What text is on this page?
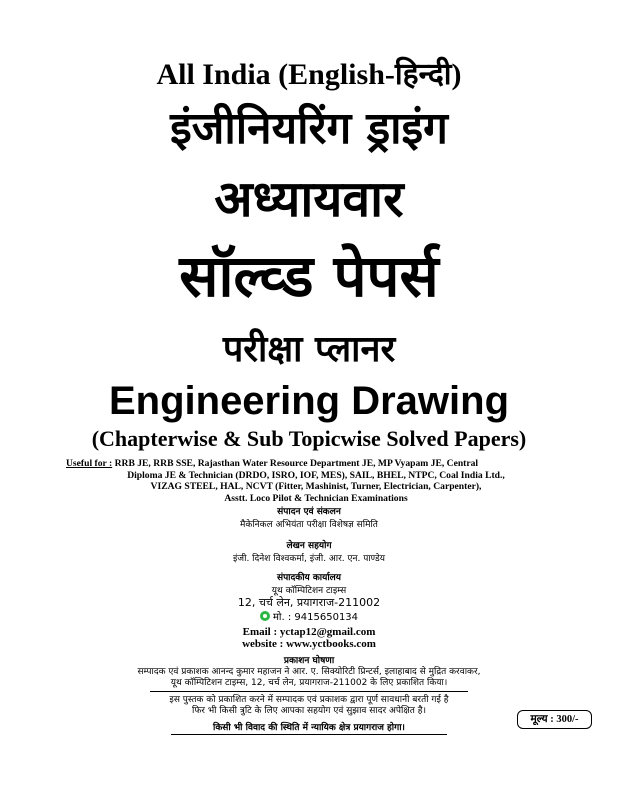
All India (English-हिन्दी)
इंजीनियरिंग ड्राइंग
अध्यायवार
सॉल्व्ड पेपर्स
परीक्षा प्लानर
Engineering Drawing
(Chapterwise & Sub Topicwise Solved Papers)
Useful for : RRB JE, RRB SSE, Rajasthan Water Resource Department JE, MP Vyapam JE, Central
Diploma JE & Technician (DRDO, ISRO, IOF, MES), SAIL, BHEL, NTPC, Coal India Ltd.,
VIZAG STEEL, HAL, NCVT (Fitter, Mashinist, Turner, Electrician, Carpenter),
Asstt. Loco Pilot & Technician Examinations
संपादन एवं संकलन
मैकेनिकल अभियंता परीक्षा विशेषज्ञ समिति
लेखन सहयोग
इंजी. दिनेश विश्वकर्मा, इंजी. आर. एन. पाण्डेय
संपादकीय कार्यालय
यूथ कॉम्पिटिशन टाइम्स
12, चर्च लेन, प्रयागराज-211002
मो. : 9415650134
Email : yctap12@gmail.com
website : www.yctbooks.com
प्रकाशन घोषणा
सम्पादक एवं प्रकाशक आनन्द कुमार महाजन ने आर. ए. सिक्योरिटी प्रिन्टर्स, इलाहाबाद से मुद्रित करवाकर,
यूथ कॉम्पिटिशन टाइम्स, 12, चर्च लेन, प्रयागराज-211002 के लिए प्रकाशित किया।
इस पुस्तक को प्रकाशित करने में सम्पादक एवं प्रकाशक द्वारा पूर्ण सावधानी बरती गई है
फिर भी किसी त्रुटि के लिए आपका सहयोग एवं सुझाव सादर अपेक्षित है।
मूल्य : 300/-
किसी भी विवाद की स्थिति में न्यायिक क्षेत्र प्रयागराज होगा।
